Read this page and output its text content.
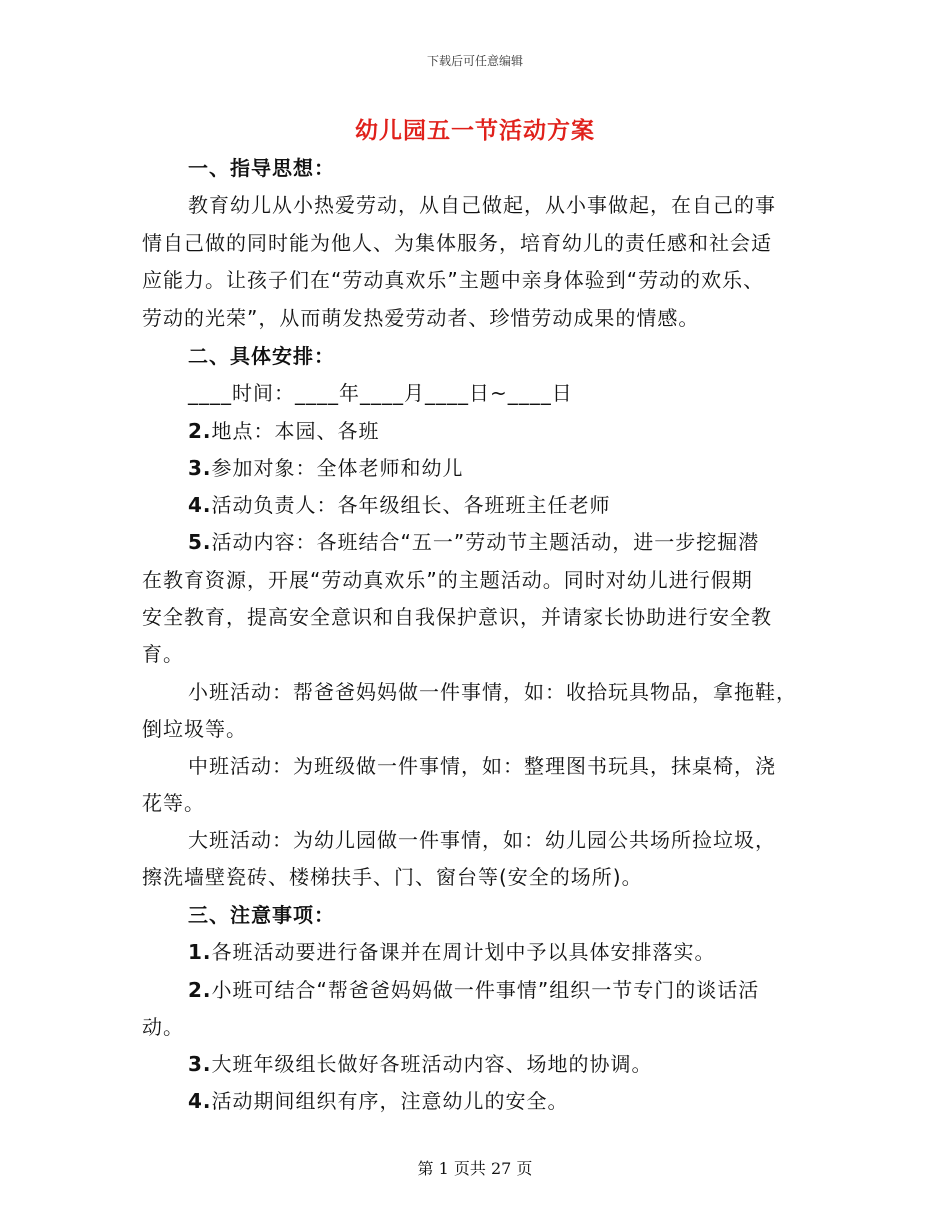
下载后可任意编辑
幼儿园五一节活动方案
一、指导思想：
教育幼儿从小热爱劳动，从自己做起，从小事做起，在自己的事
情自己做的同时能为他人、为集体服务，培育幼儿的责任感和社会适
应能力。让孩子们在“劳动真欢乐”主题中亲身体验到“劳动的欢乐、
劳动的光荣”，从而萌发热爱劳动者、珍惜劳动成果的情感。
二、具体安排：
____时间：____年____月____日~____日
2.地点：本园、各班
3.参加对象：全体老师和幼儿
4.活动负责人：各年级组长、各班班主任老师
5.活动内容：各班结合“五一”劳动节主题活动，进一步挖掘潜
在教育资源，开展“劳动真欢乐”的主题活动。同时对幼儿进行假期
安全教育，提高安全意识和自我保护意识，并请家长协助进行安全教
育。
小班活动：帮爸爸妈妈做一件事情，如：收拾玩具物品，拿拖鞋，
倒垃圾等。
中班活动：为班级做一件事情，如：整理图书玩具，抹桌椅，浇
花等。
大班活动：为幼儿园做一件事情，如：幼儿园公共场所捡垃圾，
擦洗墙壁瓷砖、楼梯扶手、门、窗台等(安全的场所)。
三、注意事项：
1.各班活动要进行备课并在周计划中予以具体安排落实。
2.小班可结合“帮爸爸妈妈做一件事情”组织一节专门的谈话活
动。
3.大班年级组长做好各班活动内容、场地的协调。
4.活动期间组织有序，注意幼儿的安全。
第 1 页共 27 页
